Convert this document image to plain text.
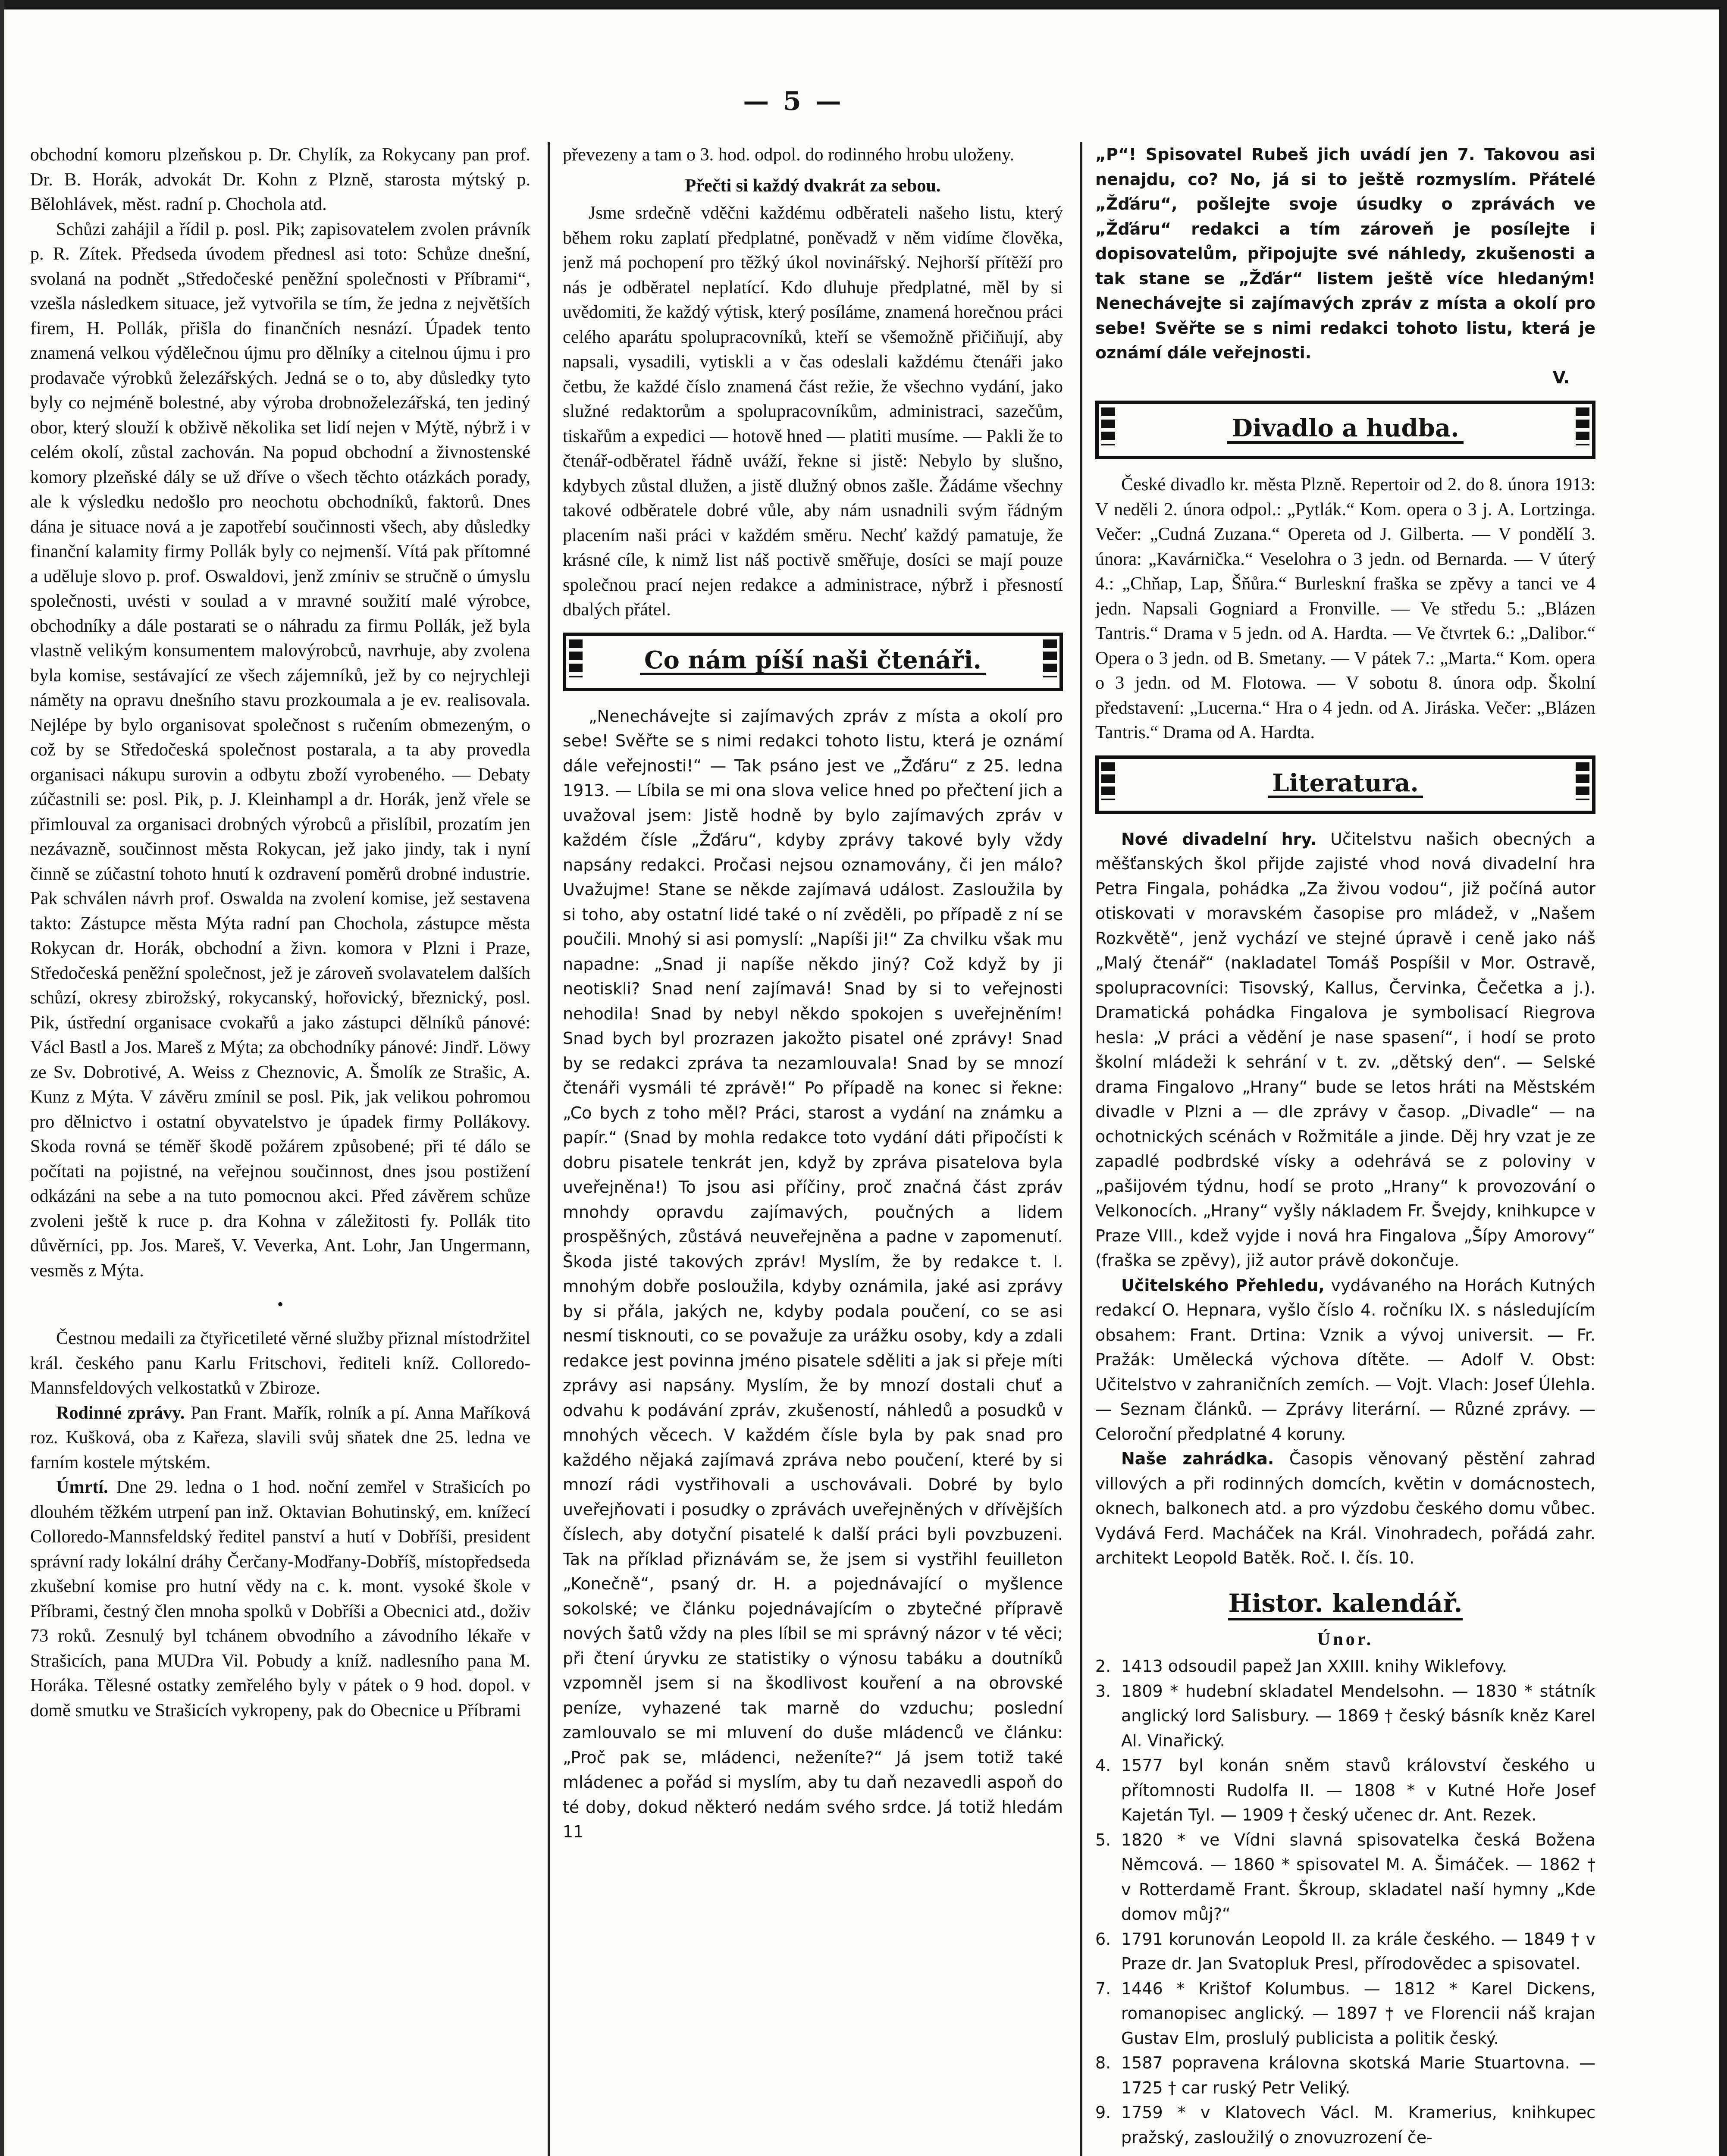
— 5 —

obchodní komoru plzeňskou p. Dr. Chylík, za Rokycany pan prof. Dr. B. Horák, advokát Dr. Kohn z Plzně, starosta mýtský p. Bělohlávek, měst. radní p. Chochola atd.

Schůzi zahájil a řídil p. posl. Pik; zapisovatelem zvolen právník p. R. Zítek. Předseda úvodem přednesl asi toto: Schůze dnešní, svolaná na podnět „Středočeské peněžní společnosti v Příbrami“, vzešla následkem situace, jež vytvořila se tím, že jedna z největších firem, H. Pollák, přišla do finančních nesnází. Úpadek tento znamená velkou výdělečnou újmu pro dělníky a citelnou újmu i pro prodavače výrobků železářských. Jedná se o to, aby důsledky tyto byly co nejméně bolestné, aby výroba drobnoželezářská, ten jediný obor, který slouží k obživě několika set lidí nejen v Mýtě, nýbrž i v celém okolí, zůstal zachován. Na popud obchodní a živnostenské komory plzeňské dály se už dříve o všech těchto otázkách porady, ale k výsledku nedošlo pro neochotu obchodníků, faktorů. Dnes dána je situace nová a je zapotřebí součinnosti všech, aby důsledky finanční kalamity firmy Pollák byly co nejmenší. Vítá pak přítomné a uděluje slovo p. prof. Oswaldovi, jenž zmíniv se stručně o úmyslu společnosti, uvésti v soulad a v mravné soužití malé výrobce, obchodníky a dále postarati se o náhradu za firmu Pollák, jež byla vlastně velikým konsumentem malovýrobců, navrhuje, aby zvolena byla komise, sestávající ze všech zájemníků, jež by co nejrychleji náměty na opravu dnešního stavu prozkoumala a je ev. realisovala. Nejlépe by bylo organisovat společnost s ručením obmezeným, o což by se Středočeská společnost postarala, a ta aby provedla organisaci nákupu surovin a odbytu zboží vyrobeného. — Debaty zúčastnili se: posl. Pik, p. J. Kleinhampl a dr. Horák, jenž vřele se přimlouval za organisaci drobných výrobců a přislíbil, prozatím jen nezávazně, součinnost města Rokycan, jež jako jindy, tak i nyní činně se zúčastní tohoto hnutí k ozdravení poměrů drobné industrie. Pak schválen návrh prof. Oswalda na zvolení komise, jež sestavena takto: Zástupce města Mýta radní pan Chochola, zástupce města Rokycan dr. Horák, obchodní a živn. komora v Plzni i Praze, Středočeská peněžní společnost, jež je zároveň svolavatelem dalších schůzí, okresy zbirožský, rokycanský, hořovický, březnický, posl. Pik, ústřední organisace cvokařů a jako zástupci dělníků pánové: Václ Bastl a Jos. Mareš z Mýta; za obchodníky pánové: Jindř. Löwy ze Sv. Dobrotivé, A. Weiss z Cheznovic, A. Šmolík ze Strašic, A. Kunz z Mýta. V závěru zmínil se posl. Pik, jak velikou pohromou pro dělnictvo i ostatní obyvatelstvo je úpadek firmy Pollákovy. Skoda rovná se téměř škodě požárem způsobené; při té dálo se počítati na pojistné, na veřejnou součinnost, dnes jsou postižení odkázáni na sebe a na tuto pomocnou akci. Před závěrem schůze zvoleni ještě k ruce p. dra Kohna v záležitosti fy. Pollák tito důvěrníci, pp. Jos. Mareš, V. Veverka, Ant. Lohr, Jan Ungermann, vesměs z Mýta.

•

Čestnou medaili za čtyřicetileté věrné služby přiznal místodržitel král. českého panu Karlu Fritschovi, řediteli kníž. Colloredo-Mannsfeldových velkostatků v Zbiroze.

Rodinné zprávy. Pan Frant. Mařík, rolník a pí. Anna Maříková roz. Kušková, oba z Kařeza, slavili svůj sňatek dne 25. ledna ve farním kostele mýtském.

Úmrtí. Dne 29. ledna o 1 hod. noční zemřel v Strašicích po dlouhém těžkém utrpení pan inž. Oktavian Bohutinský, em. knížecí Colloredo-Mannsfeldský ředitel panství a hutí v Dobříši, president správní rady lokální dráhy Čerčany-Modřany-Dobříš, místopředseda zkušební komise pro hutní vědy na c. k. mont. vysoké škole v Příbrami, čestný člen mnoha spolků v Dobříši a Obecnici atd., doživ 73 roků. Zesnulý byl tchánem obvodního a závodního lékaře v Strašicích, pana MUDra Vil. Pobudy a kníž. nadlesního pana M. Horáka. Tělesné ostatky zemřelého byly v pátek o 9 hod. dopol. v domě smutku ve Strašicích vykropeny, pak do Obecnice u Příbrami

převezeny a tam o 3. hod. odpol. do rodinného hrobu uloženy.

Přečti si každý dvakrát za sebou.

Jsme srdečně vděčni každému odběrateli našeho listu, který během roku zaplatí předplatné, poněvadž v něm vidíme člověka, jenž má pochopení pro těžký úkol novinářský. Nejhorší přítěží pro nás je odběratel neplatící. Kdo dluhuje předplatné, měl by si uvědomiti, že každý výtisk, který posíláme, znamená horečnou práci celého aparátu spolupracovníků, kteří se všemožně přičiňují, aby napsali, vysadili, vytiskli a v čas odeslali každému čtenáři jako četbu, že každé číslo znamená část režie, že všechno vydání, jako služné redaktorům a spolupracovníkům, administraci, sazečům, tiskařům a expedici — hotově hned — platiti musíme. — Pakli že to čtenář-odběratel řádně uváží, řekne si jistě: Nebylo by slušno, kdybych zůstal dlužen, a jistě dlužný obnos zašle. Žádáme všechny takové odběratele dobré vůle, aby nám usnadnili svým řádným placením naši práci v každém směru. Nechť každý pamatuje, že krásné cíle, k nimž list náš poctivě směřuje, dosíci se mají pouze společnou prací nejen redakce a administrace, nýbrž i přesností dbalých přátel.

Co nám píší naši čtenáři.

„Nenechávejte si zajímavých zpráv z místa a okolí pro sebe! Svěřte se s nimi redakci tohoto listu, která je oznámí dále veřejnosti!“ — Tak psáno jest ve „Žďáru“ z 25. ledna 1913. — Líbila se mi ona slova velice hned po přečtení jich a uvažoval jsem: Jistě hodně by bylo zajímavých zpráv v každém čísle „Žďáru“, kdyby zprávy takové byly vždy napsány redakci. Pročasi nejsou oznamovány, či jen málo? Uvažujme! Stane se někde zajímavá událost. Zasloužila by si toho, aby ostatní lidé také o ní zvěděli, po případě z ní se poučili. Mnohý si asi pomyslí: „Napíši ji!“ Za chvilku však mu napadne: „Snad ji napíše někdo jiný? Což když by ji neotiskli? Snad není zajímavá! Snad by si to veřejnosti nehodila! Snad by nebyl někdo spokojen s uveřejněním! Snad bych byl prozrazen jakožto pisatel oné zprávy! Snad by se redakci zpráva ta nezamlouvala! Snad by se mnozí čtenáři vysmáli té zprávě!“ Po případě na konec si řekne: „Co bych z toho měl? Práci, starost a vydání na známku a papír.“ (Snad by mohla redakce toto vydání dáti připočísti k dobru pisatele tenkrát jen, když by zpráva pisatelova byla uveřejněna!) To jsou asi příčiny, proč značná část zpráv mnohdy opravdu zajímavých, poučných a lidem prospěšných, zůstává neuveřejněna a padne v zapomenutí. Škoda jisté takových zpráv! Myslím, že by redakce t. l. mnohým dobře posloužila, kdyby oznámila, jaké asi zprávy by si přála, jakých ne, kdyby podala poučení, co se asi nesmí tisknouti, co se považuje za urážku osoby, kdy a zdali redakce jest povinna jméno pisatele sděliti a jak si přeje míti zprávy asi napsány. Myslím, že by mnozí dostali chuť a odvahu k podávání zpráv, zkušeností, náhledů a posudků v mnohých věcech. V každém čísle byla by pak snad pro každého nějaká zajímavá zpráva nebo poučení, které by si mnozí rádi vystřihovali a uschovávali. Dobré by bylo uveřejňovati i posudky o zprávách uveřejněných v dřívějších číslech, aby dotyční pisatelé k další práci byli povzbuzeni. Tak na příklad přiznávám se, že jsem si vystřihl feuilleton „Konečně“, psaný dr. H. a pojednávající o myšlence sokolské; ve článku pojednávajícím o zbytečné přípravě nových šatů vždy na ples líbil se mi správný názor v té věci; při čtení úryvku ze statistiky o výnosu tabáku a doutníků vzpomněl jsem si na škodlivost kouření a na obrovské peníze, vyhazené tak marně do vzduchu; poslední zamlouvalo se mi mluvení do duše mládenců ve článku: „Proč pak se, mládenci, neženíte?“ Já jsem totiž také mládenec a pořád si myslím, aby tu daň nezavedli aspoň do té doby, dokud některó nedám svého srdce. Já totiž hledám 11

„P“! Spisovatel Rubeš jich uvádí jen 7. Takovou asi nenajdu, co? No, já si to ještě rozmyslím. Přátelé „Žďáru“, pošlejte svoje úsudky o zprávách ve „Žďáru“ redakci a tím zároveň je posílejte i dopisovatelům, připojujte své náhledy, zkušenosti a tak stane se „Žďár“ listem ještě více hledaným! Nenechávejte si zajímavých zpráv z místa a okolí pro sebe! Svěřte se s nimi redakci tohoto listu, která je oznámí dále veřejnosti.

V.
Divadlo a hudba.

České divadlo kr. města Plzně. Repertoir od 2. do 8. února 1913: V neděli 2. února odpol.: „Pytlák.“ Kom. opera o 3 j. A. Lortzinga. Večer: „Cudná Zuzana.“ Opereta od J. Gilberta. — V pondělí 3. února: „Kavárnička.“ Veselohra o 3 jedn. od Bernarda. — V úterý 4.: „Chňap, Lap, Šňůra.“ Burleskní fraška se zpěvy a tanci ve 4 jedn. Napsali Gogniard a Fronville. — Ve středu 5.: „Blázen Tantris.“ Drama v 5 jedn. od A. Hardta. — Ve čtvrtek 6.: „Dalibor.“ Opera o 3 jedn. od B. Smetany. — V pátek 7.: „Marta.“ Kom. opera o 3 jedn. od M. Flotowa. — V sobotu 8. února odp. Školní představení: „Lucerna.“ Hra o 4 jedn. od A. Jiráska. Večer: „Blázen Tantris.“ Drama od A. Hardta.

Literatura.

Nové divadelní hry. Učitelstvu našich obecných a měšťanských škol přijde zajisté vhod nová divadelní hra Petra Fingala, pohádka „Za živou vodou“, již počíná autor otiskovati v moravském časopise pro mládež, v „Našem Rozkvětě“, jenž vychází ve stejné úpravě i ceně jako náš „Malý čtenář“ (nakladatel Tomáš Pospíšil v Mor. Ostravě, spolupracovníci: Tisovský, Kallus, Červinka, Čečetka a j.). Dramatická pohádka Fingalova je symbolisací Riegrova hesla: „V práci a vědění je nase spasení“, i hodí se proto školní mládeži k sehrání v t. zv. „dětský den“. — Selské drama Fingalovo „Hrany“ bude se letos hráti na Městském divadle v Plzni a — dle zprávy v časop. „Divadle“ — na ochotnických scénách v Rožmitále a jinde. Děj hry vzat je ze zapadlé podbrdské vísky a odehrává se z poloviny v „pašijovém týdnu, hodí se proto „Hrany“ k provozování o Velkonocích. „Hrany“ vyšly nákladem Fr. Švejdy, knihkupce v Praze VIII., kdež vyjde i nová hra Fingalova „Šípy Amorovy“ (fraška se zpěvy), již autor právě dokončuje.

Učitelského Přehledu, vydávaného na Horách Kutných redakcí O. Hepnara, vyšlo číslo 4. ročníku IX. s následujícím obsahem: Frant. Drtina: Vznik a vývoj universit. — Fr. Pražák: Umělecká výchova dítěte. — Adolf V. Obst: Učitelstvo v zahraničních zemích. — Vojt. Vlach: Josef Úlehla. — Seznam článků. — Zprávy literární. — Různé zprávy. — Celoroční předplatné 4 koruny.

Naše zahrádka. Časopis věnovaný pěstění zahrad villových a při rodinných domcích, květin v domácnostech, oknech, balkonech atd. a pro výzdobu českého domu vůbec. Vydává Ferd. Macháček na Král. Vinohradech, pořádá zahr. architekt Leopold Batěk. Roč. I. čís. 10.

Histor. kalendář.
Únor.

2. 1413 odsoudil papež Jan XXIII. knihy Wiklefovy.

3. 1809 * hudební skladatel Mendelsohn. — 1830 * státník anglický lord Salisbury. — 1869 † český básník kněz Karel Al. Vinařický.

4. 1577 byl konán sněm stavů království českého u přítomnosti Rudolfa II. — 1808 * v Kutné Hoře Josef Kajetán Tyl. — 1909 † český učenec dr. Ant. Rezek.

5. 1820 * ve Vídni slavná spisovatelka česká Božena Němcová. — 1860 * spisovatel M. A. Šimáček. — 1862 † v Rotterdamě Frant. Škroup, skladatel naší hymny „Kde domov můj?“

6. 1791 korunován Leopold II. za krále českého. — 1849 † v Praze dr. Jan Svatopluk Presl, přírodovědec a spisovatel.

7. 1446 * Krištof Kolumbus. — 1812 * Karel Dickens, romanopisec anglický. — 1897 † ve Florencii náš krajan Gustav Elm, proslulý publicista a politik český.

8. 1587 popravena královna skotská Marie Stuartovna. — 1725 † car ruský Petr Veliký.

9. 1759 * v Klatovech Václ. M. Kramerius, knihkupec pražský, zasloužilý o znovuzrození če-
